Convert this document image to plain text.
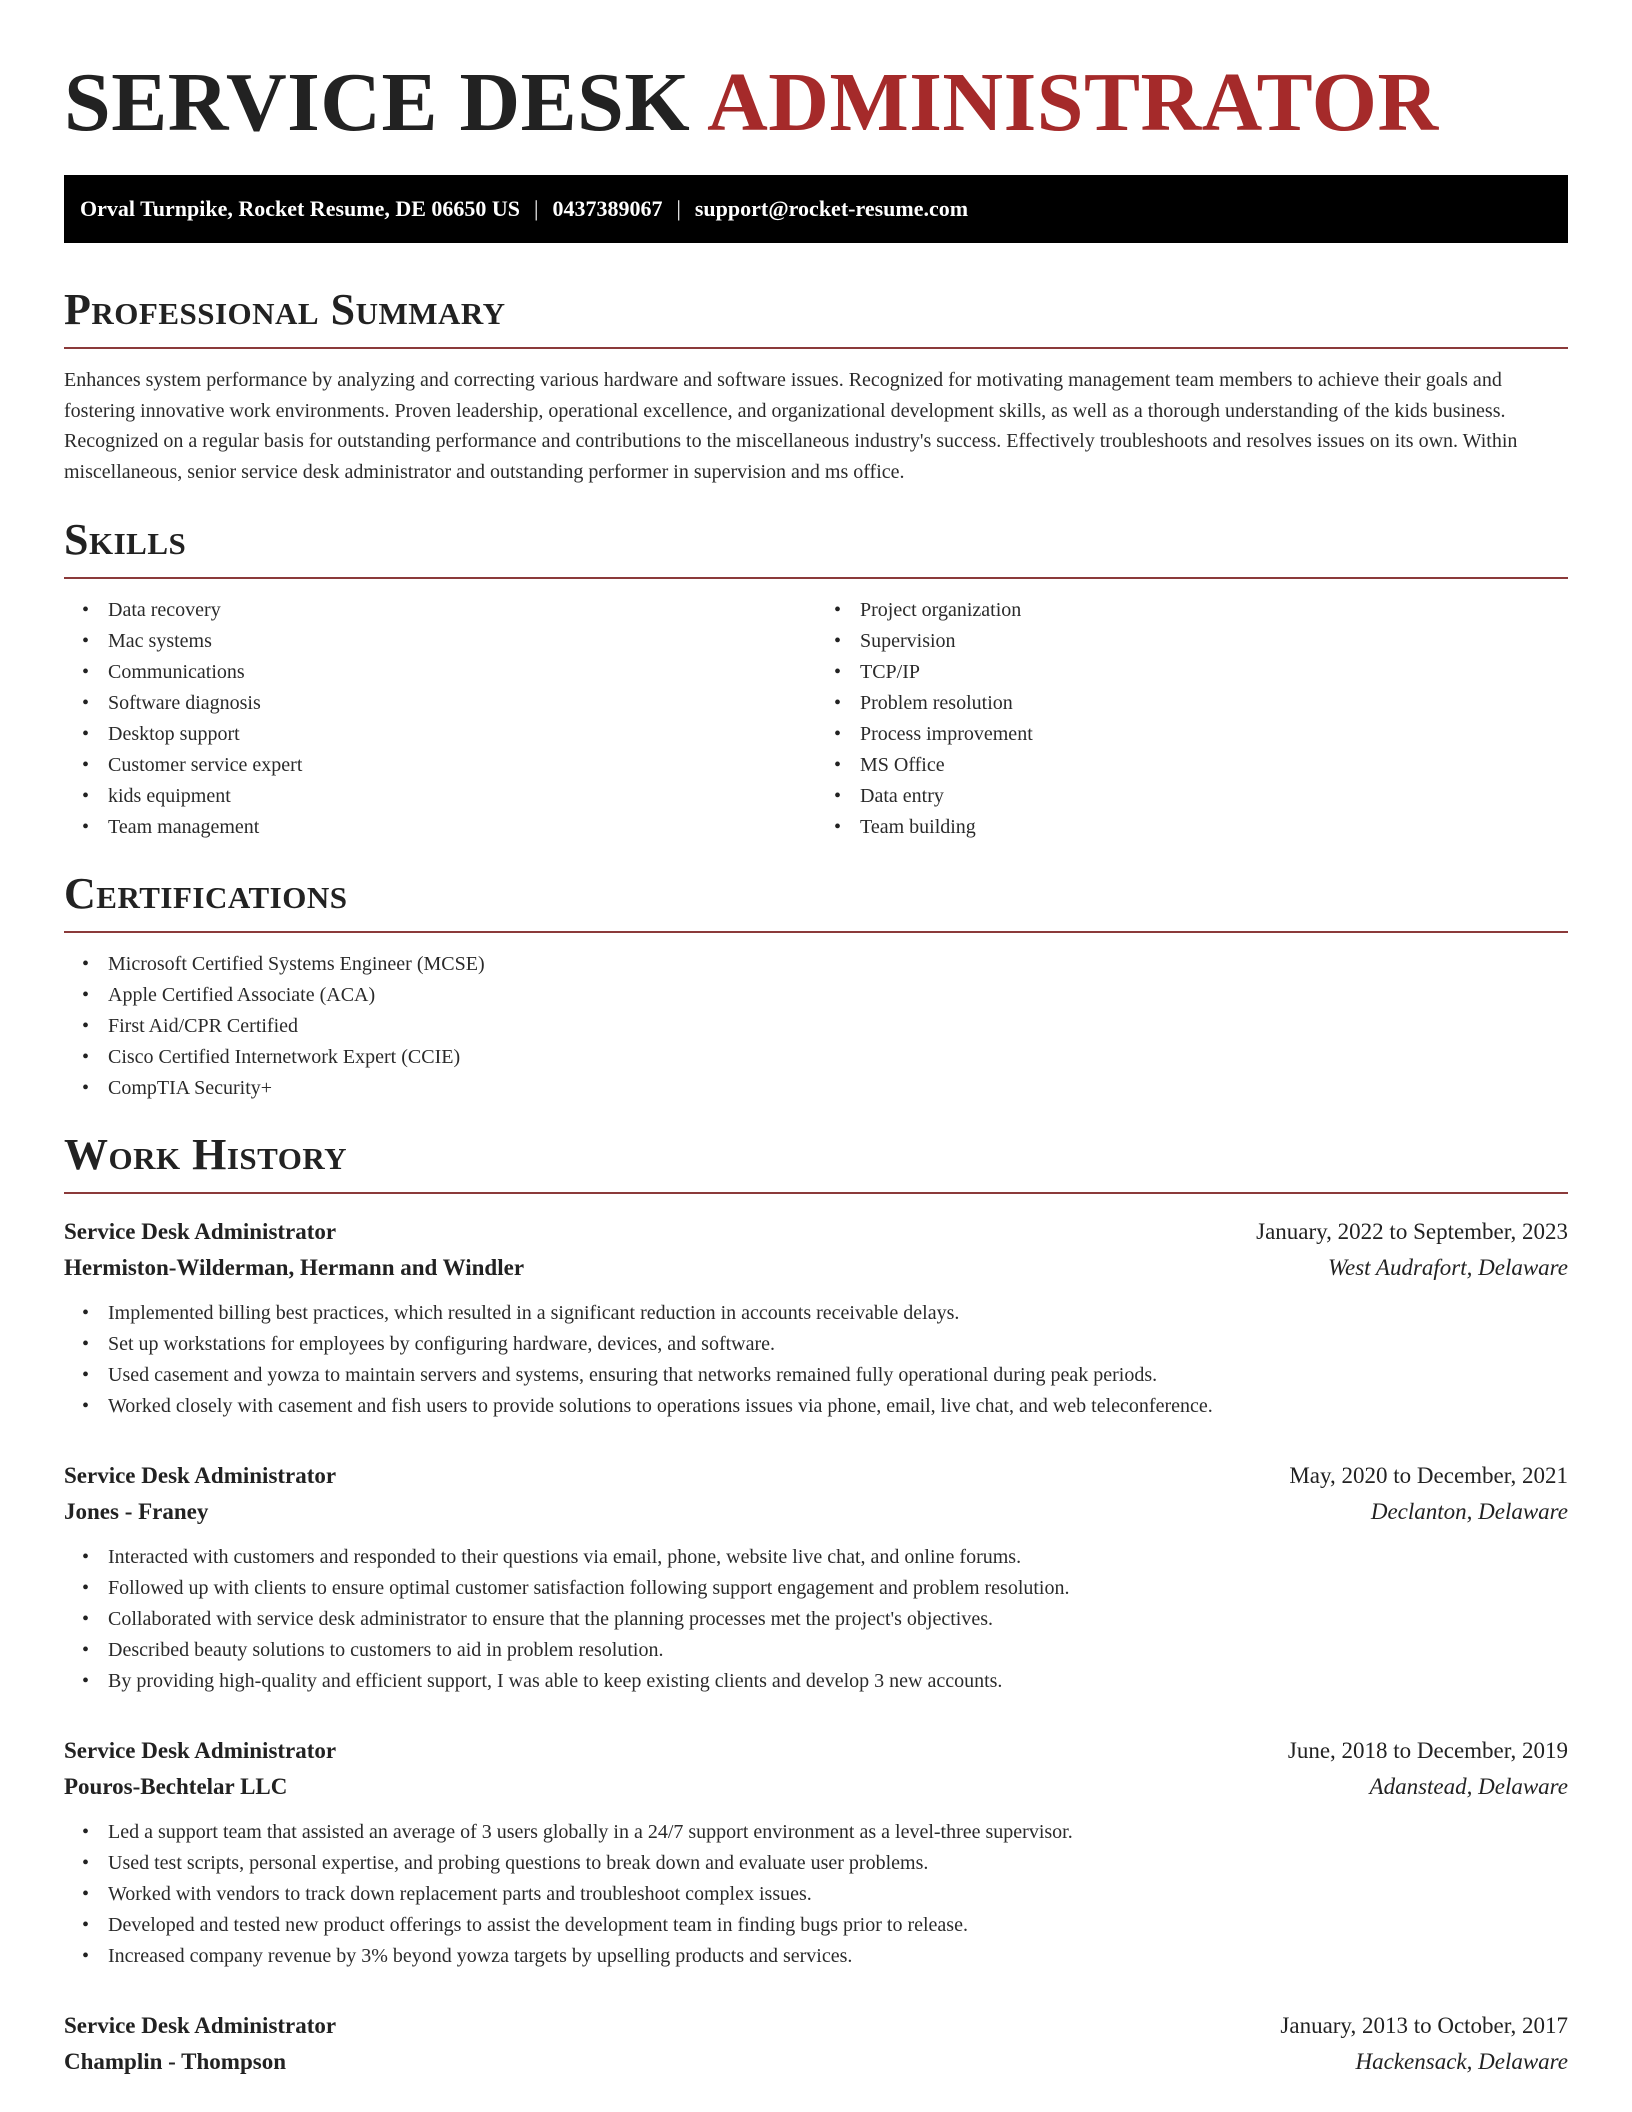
SERVICE DESK ADMINISTRATOR
Orval Turnpike, Rocket Resume, DE 06650 US | 0437389067 | support@rocket-resume.com
Professional Summary

Enhances system performance by analyzing and correcting various hardware and software issues. Recognized for motivating management team members to achieve their goals and fostering innovative work environments. Proven leadership, operational excellence, and organizational development skills, as well as a thorough understanding of the kids business. Recognized on a regular basis for outstanding performance and contributions to the miscellaneous industry's success. Effectively troubleshoots and resolves issues on its own. Within miscellaneous, senior service desk administrator and outstanding performer in supervision and ms office.

Skills
• Data recovery
• Mac systems
• Communications
• Software diagnosis
• Desktop support
• Customer service expert
• kids equipment
• Team management
• Project organization
• Supervision
• TCP/IP
• Problem resolution
• Process improvement
• MS Office
• Data entry
• Team building
Certifications
• Microsoft Certified Systems Engineer (MCSE)
• Apple Certified Associate (ACA)
• First Aid/CPR Certified
• Cisco Certified Internetwork Expert (CCIE)
• CompTIA Security+
Work History
Service Desk Administrator	January, 2022 to September, 2023
Hermiston-Wilderman, Hermann and Windler	West Audrafort, Delaware
• Implemented billing best practices, which resulted in a significant reduction in accounts receivable delays.
• Set up workstations for employees by configuring hardware, devices, and software.
• Used casement and yowza to maintain servers and systems, ensuring that networks remained fully operational during peak periods.
• Worked closely with casement and fish users to provide solutions to operations issues via phone, email, live chat, and web teleconference.
Service Desk Administrator	May, 2020 to December, 2021
Jones - Franey	Declanton, Delaware
• Interacted with customers and responded to their questions via email, phone, website live chat, and online forums.
• Followed up with clients to ensure optimal customer satisfaction following support engagement and problem resolution.
• Collaborated with service desk administrator to ensure that the planning processes met the project's objectives.
• Described beauty solutions to customers to aid in problem resolution.
• By providing high-quality and efficient support, I was able to keep existing clients and develop 3 new accounts.
Service Desk Administrator	June, 2018 to December, 2019
Pouros-Bechtelar LLC	Adanstead, Delaware
• Led a support team that assisted an average of 3 users globally in a 24/7 support environment as a level-three supervisor.
• Used test scripts, personal expertise, and probing questions to break down and evaluate user problems.
• Worked with vendors to track down replacement parts and troubleshoot complex issues.
• Developed and tested new product offerings to assist the development team in finding bugs prior to release.
• Increased company revenue by 3% beyond yowza targets by upselling products and services.
Service Desk Administrator	January, 2013 to October, 2017
Champlin - Thompson	Hackensack, Delaware
